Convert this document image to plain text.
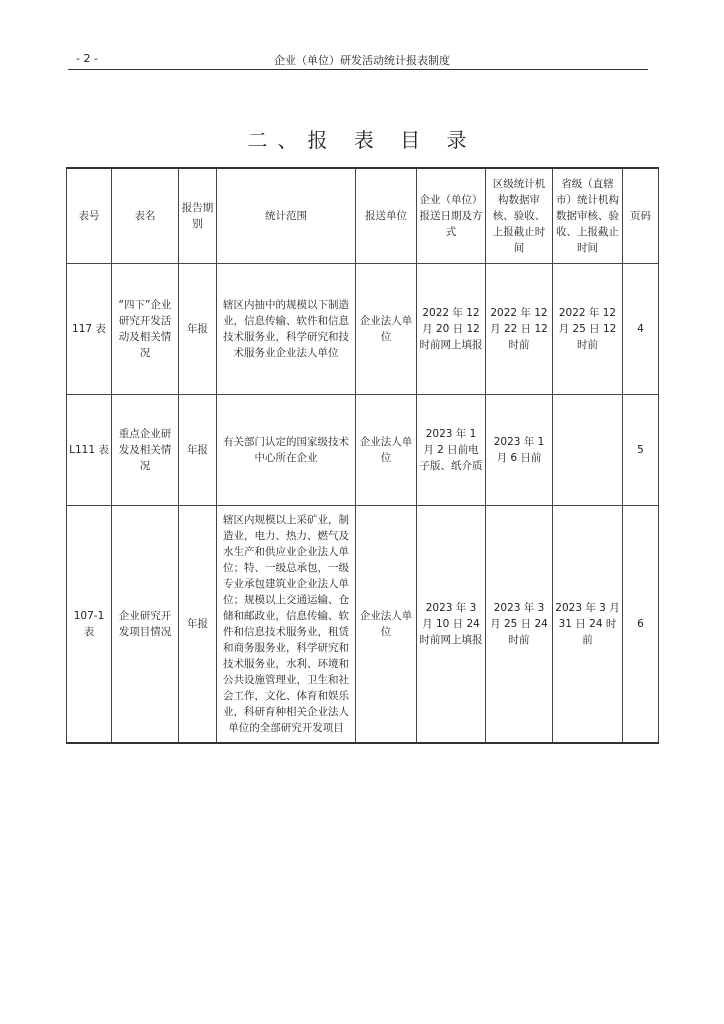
- 2 -	企业（单位）研发活动统计报表制度
二、报 表 目 录
表号	表名	报告期别	统计范围	报送单位	企业（单位）报送日期及方式	区级统计机构数据审核、验收、上报截止时间	省级（直辖市）统计机构数据审核、验收、上报截止时间	页码
117 表	“四下”企业研究开发活动及相关情况	年报	辖区内抽中的规模以下制造业，信息传输、软件和信息技术服务业，科学研究和技术服务业企业法人单位	企业法人单位	2022 年 12 月 20 日 12 时前网上填报	2022 年 12 月 22 日 12 时前	2022 年 12 月 25 日 12 时前	4
L111 表	重点企业研发及相关情况	年报	有关部门认定的国家级技术中心所在企业	企业法人单位	2023 年 1 月 2 日前电子版、纸介质	2023 年 1 月 6 日前		5
107-1 表	企业研究开发项目情况	年报	辖区内规模以上采矿业，制造业，电力、热力、燃气及水生产和供应业企业法人单位；特、一级总承包，一级专业承包建筑业企业法人单位；规模以上交通运输、仓储和邮政业，信息传输、软件和信息技术服务业，租赁和商务服务业，科学研究和技术服务业，水利、环境和公共设施管理业，卫生和社会工作，文化、体育和娱乐业，科研育种相关企业法人单位的全部研究开发项目	企业法人单位	2023 年 3 月 10 日 24 时前网上填报	2023 年 3 月 25 日 24 时前	2023 年 3 月 31 日 24 时前	6
